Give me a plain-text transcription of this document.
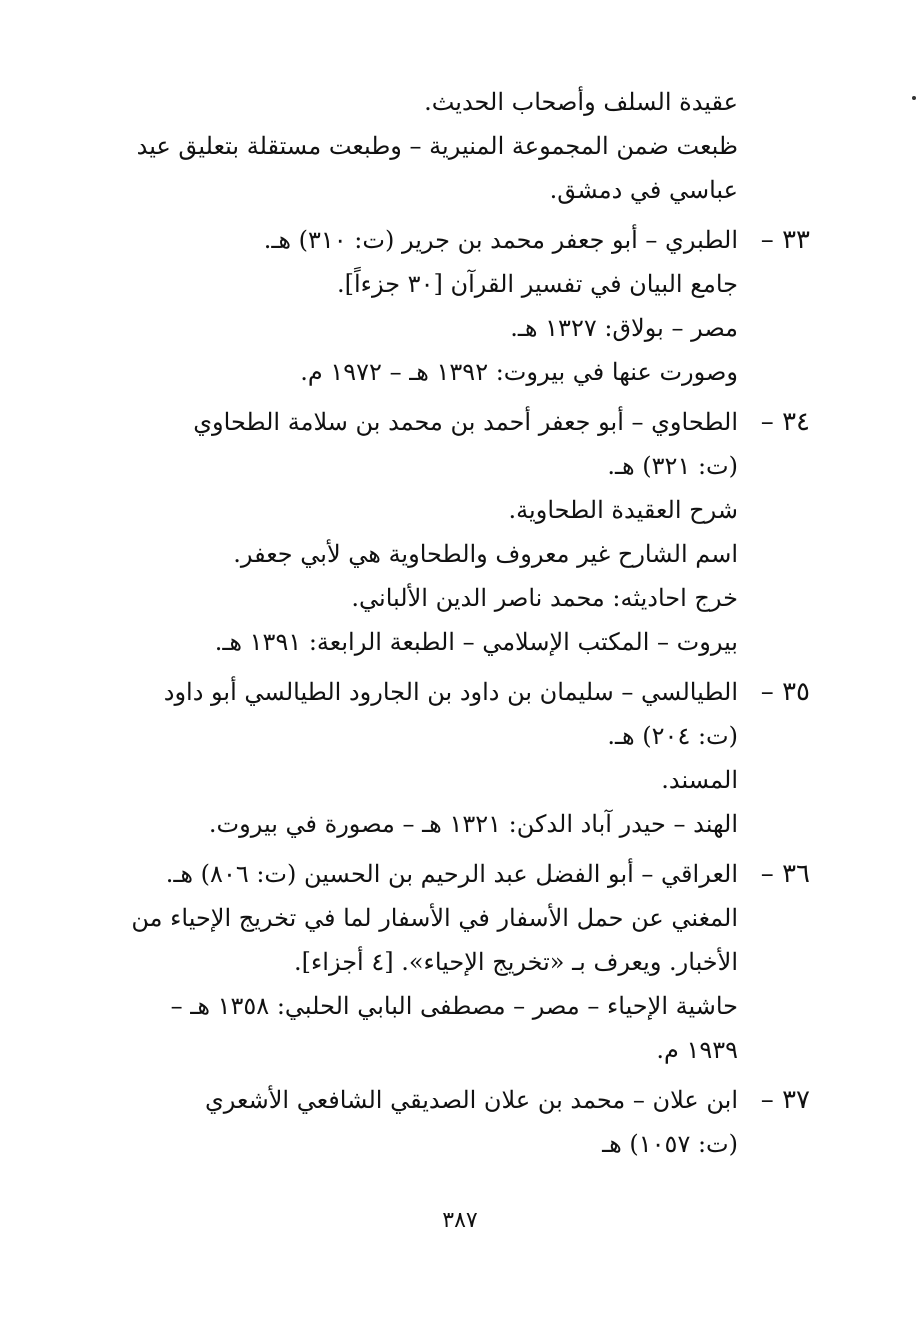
عقيدة السلف وأصحاب الحديث.
ظبعت ضمن المجموعة المنيرية – وطبعت مستقلة بتعليق عيد
عباسي في دمشق.
٣٣ –
الطبري – أبو جعفر محمد بن جرير (ت: ٣١٠) هـ.
جامع البيان في تفسير القرآن [٣٠ جزءاً].
مصر – بولاق: ١٣٢٧ هـ.
وصورت عنها في بيروت: ١٣٩٢ هـ – ١٩٧٢ م.
٣٤ –
الطحاوي – أبو جعفر أحمد بن محمد بن سلامة الطحاوي
(ت: ٣٢١) هـ.
شرح العقيدة الطحاوية.
اسم الشارح غير معروف والطحاوية هي لأبي جعفر.
خرج احاديثه: محمد ناصر الدين الألباني.
بيروت – المكتب الإسلامي – الطبعة الرابعة: ١٣٩١ هـ.
٣٥ –
الطيالسي – سليمان بن داود بن الجارود الطيالسي أبو داود
(ت: ٢٠٤) هـ.
المسند.
الهند – حيدر آباد الدكن: ١٣٢١ هـ – مصورة في بيروت.
٣٦ –
العراقي – أبو الفضل عبد الرحيم بن الحسين (ت: ٨٠٦) هـ.
المغني عن حمل الأسفار في الأسفار لما في تخريج الإحياء من
الأخبار. ويعرف بـ «تخريج الإحياء». [٤ أجزاء].
حاشية الإحياء – مصر – مصطفى البابي الحلبي: ١٣٥٨ هـ –
١٩٣٩ م.
٣٧ –
ابن علان – محمد بن علان الصديقي الشافعي الأشعري
(ت: ١٠٥٧) هـ
٣٨٧
